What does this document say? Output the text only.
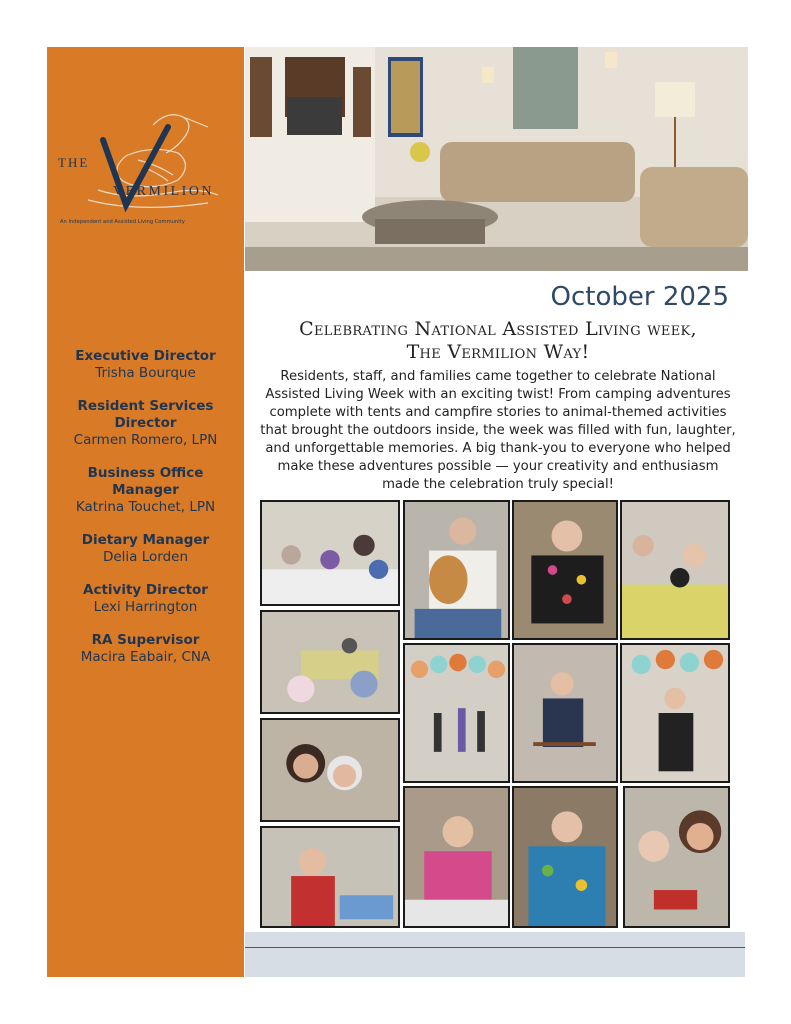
THE
VERMILION
An Independent and Assisted Living Community
Executive Director
Trisha Bourque
Resident Services Director
Carmen Romero, LPN
Business Office Manager
Katrina Touchet, LPN
Dietary Manager
Delia Lorden
Activity Director
Lexi Harrington
RA Supervisor
Macira Eabair, CNA
October 2025
Celebrating National Assisted Living week,
The Vermilion Way!
Residents, staff, and families came together to celebrate National Assisted Living Week with an exciting twist! From camping adventures complete with tents and campfire stories to animal-themed activities that brought the outdoors inside, the week was filled with fun, laughter, and unforgettable memories. A big thank-you to everyone who helped make these adventures possible — your creativity and enthusiasm made the celebration truly special!
